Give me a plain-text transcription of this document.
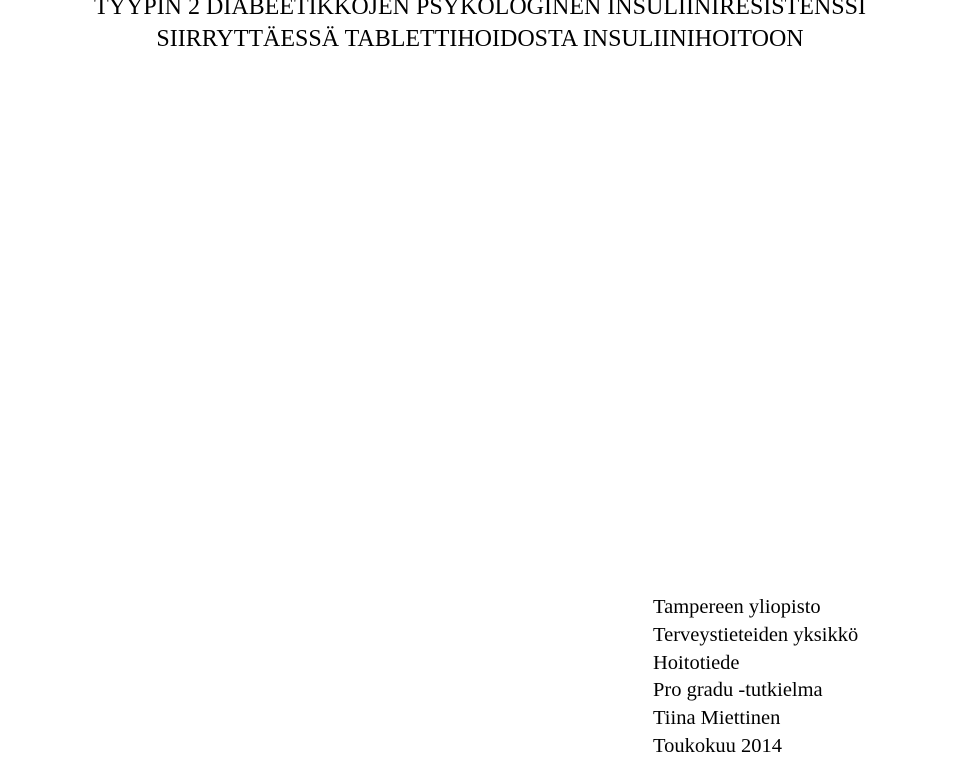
TYYPIN 2 DIABEETIKKOJEN PSYKOLOGINEN INSULIINIRESISTENSSI
SIIRRYTTÄESSÄ TABLETTIHOIDOSTA INSULIINIHOITOON
Tampereen yliopisto
Terveystieteiden yksikkö
Hoitotiede
Pro gradu -tutkielma
Tiina Miettinen
Toukokuu 2014
